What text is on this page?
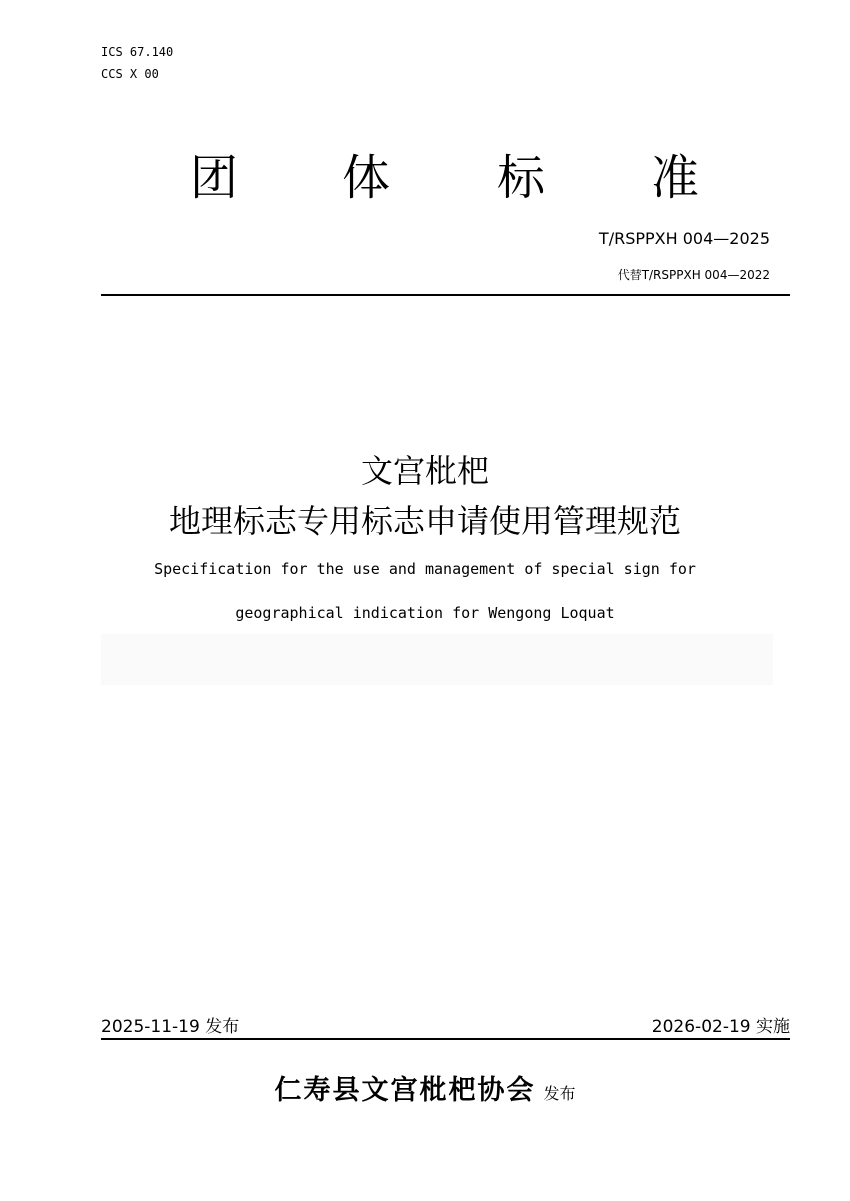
ICS 67.140
CCS X 00
团 体 标 准
T/RSPPXH 004—2025
代替T/RSPPXH 004—2022
文宫枇杷
地理标志专用标志申请使用管理规范
Specification for the use and management of special sign for
geographical indication for Wengong Loquat
2025-11-19 发布	2026-02-19 实施
仁寿县文宫枇杷协会 发布
